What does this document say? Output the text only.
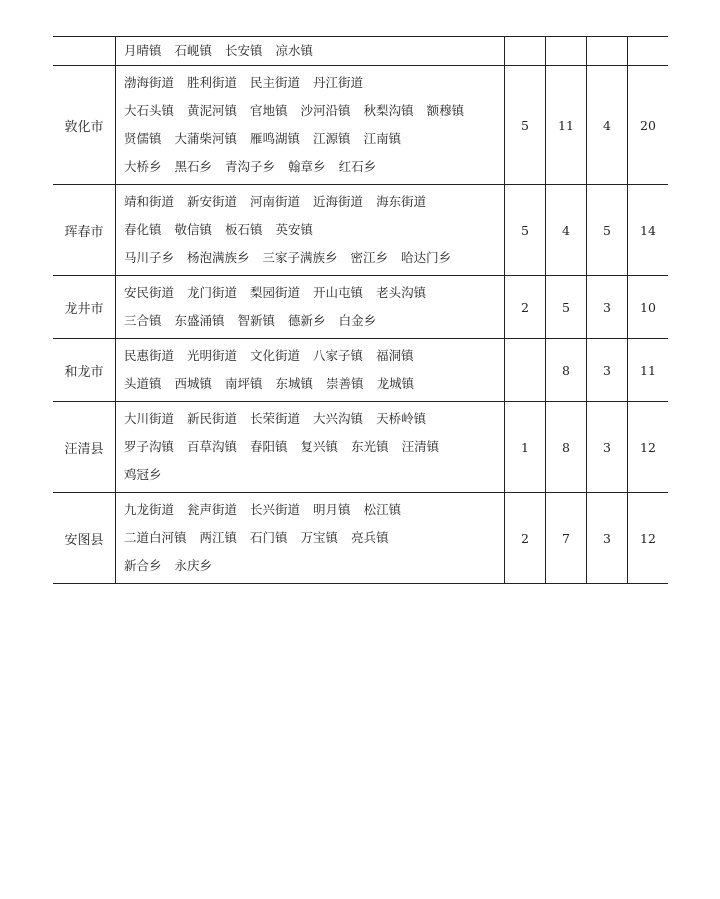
	月晴镇 石岘镇 长安镇 凉水镇				

敦化市	渤海街道 胜利街道 民主街道 丹江街道
大石头镇 黄泥河镇 官地镇 沙河沿镇 秋梨沟镇 额穆镇
贤儒镇 大蒲柴河镇 雁鸣湖镇 江源镇 江南镇
大桥乡 黑石乡 青沟子乡 翰章乡 红石乡	5	11	4	20
珲春市	靖和街道 新安街道 河南街道 近海街道 海东街道
春化镇 敬信镇 板石镇 英安镇
马川子乡 杨泡满族乡 三家子满族乡 密江乡 哈达门乡	5	4	5	14
龙井市	安民街道 龙门街道 梨园街道 开山屯镇 老头沟镇
三合镇 东盛涌镇 智新镇 德新乡 白金乡	2	5	3	10
和龙市	民惠街道 光明街道 文化街道 八家子镇 福洞镇
头道镇 西城镇 南坪镇 东城镇 崇善镇 龙城镇		8	3	11
汪清县	大川街道 新民街道 长荣街道 大兴沟镇 天桥岭镇
罗子沟镇 百草沟镇 春阳镇 复兴镇 东光镇 汪清镇
鸡冠乡	1	8	3	12
安图县	九龙街道 瓮声街道 长兴街道 明月镇 松江镇
二道白河镇 两江镇 石门镇 万宝镇 亮兵镇
新合乡 永庆乡	2	7	3	12
